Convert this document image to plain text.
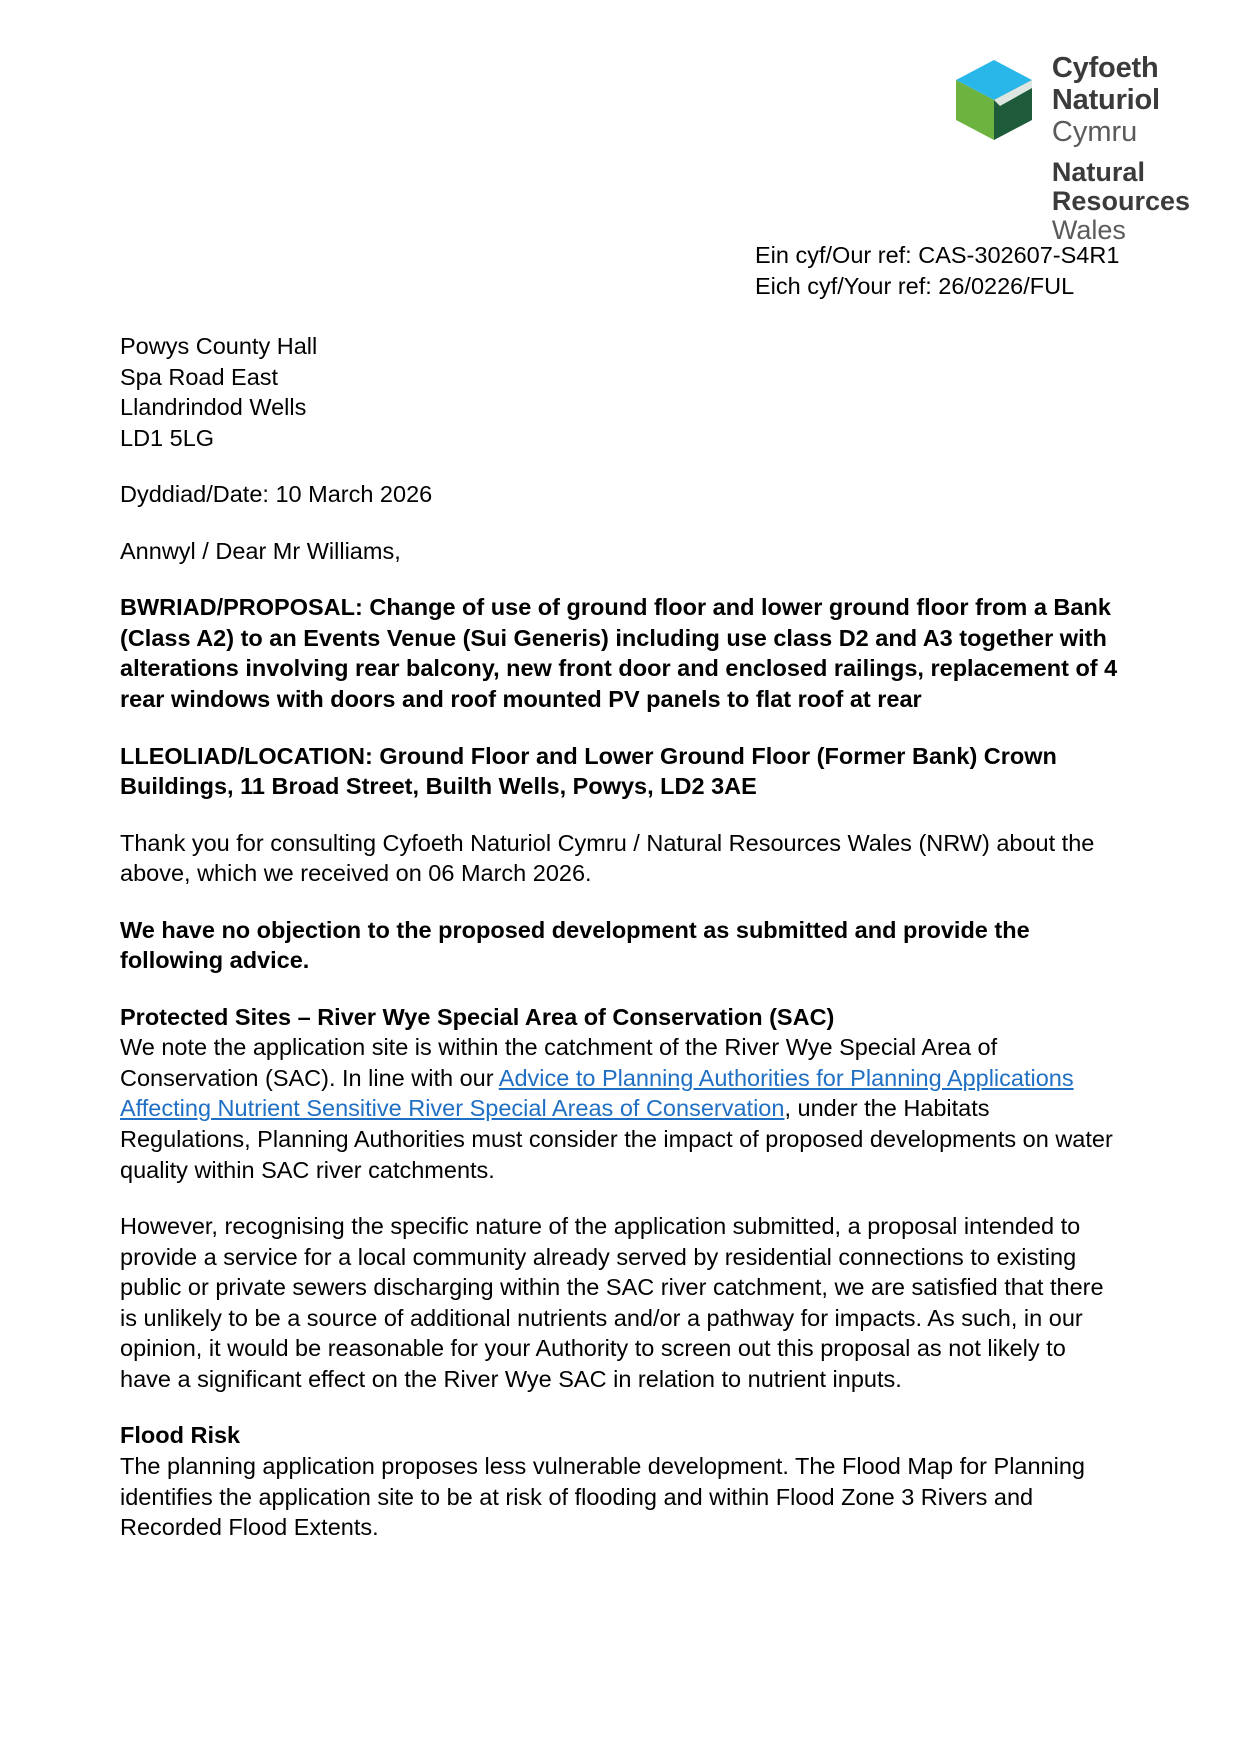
Cyfoeth
Naturiol
Cymru
Natural
Resources
Wales
Ein cyf/Our ref: CAS-302607-S4R1
Eich cyf/Your ref: 26/0226/FUL
Powys County Hall
Spa Road East
Llandrindod Wells
LD1 5LG
Dyddiad/Date: 10 March 2026
Annwyl / Dear Mr Williams,
BWRIAD/PROPOSAL: Change of use of ground floor and lower ground floor from a Bank (Class A2) to an Events Venue (Sui Generis) including use class D2 and A3 together with alterations involving rear balcony, new front door and enclosed railings, replacement of 4 rear windows with doors and roof mounted PV panels to flat roof at rear
LLEOLIAD/LOCATION: Ground Floor and Lower Ground Floor (Former Bank) Crown Buildings, 11 Broad Street, Builth Wells, Powys, LD2 3AE
Thank you for consulting Cyfoeth Naturiol Cymru / Natural Resources Wales (NRW) about the above, which we received on 06 March 2026.
We have no objection to the proposed development as submitted and provide the following advice.
Protected Sites – River Wye Special Area of Conservation (SAC)
We note the application site is within the catchment of the River Wye Special Area of Conservation (SAC). In line with our Advice to Planning Authorities for Planning Applications Affecting Nutrient Sensitive River Special Areas of Conservation, under the Habitats Regulations, Planning Authorities must consider the impact of proposed developments on water quality within SAC river catchments.
However, recognising the specific nature of the application submitted, a proposal intended to provide a service for a local community already served by residential connections to existing public or private sewers discharging within the SAC river catchment, we are satisfied that there is unlikely to be a source of additional nutrients and/or a pathway for impacts. As such, in our opinion, it would be reasonable for your Authority to screen out this proposal as not likely to have a significant effect on the River Wye SAC in relation to nutrient inputs.
Flood Risk
The planning application proposes less vulnerable development. The Flood Map for Planning identifies the application site to be at risk of flooding and within Flood Zone 3 Rivers and Recorded Flood Extents.
